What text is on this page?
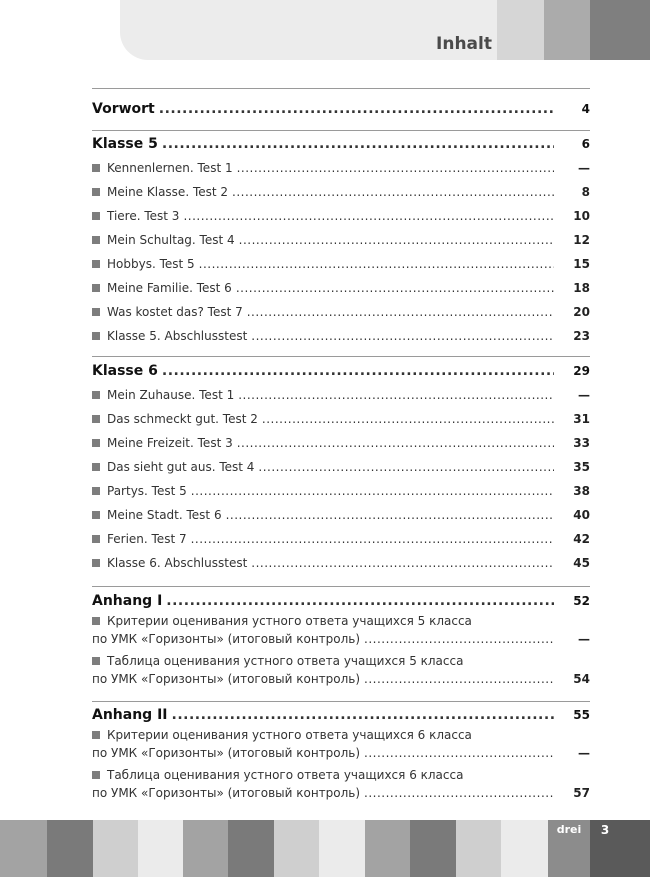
Inhalt
Vorwort .....	4
Klasse 5 .....	6
Kennenlernen. Test 1 .....	—
Meine Klasse. Test 2 .....	8
Tiere. Test 3 .....	10
Mein Schultag. Test 4 .....	12
Hobbys. Test 5 .....	15
Meine Familie. Test 6 .....	18
Was kostet das? Test 7 .....	20
Klasse 5. Abschlusstest .....	23
Klasse 6 .....	29
Mein Zuhause. Test 1 .....	—
Das schmeckt gut. Test 2 .....	31
Meine Freizeit. Test 3 .....	33
Das sieht gut aus. Test 4 .....	35
Partys. Test 5 .....	38
Meine Stadt. Test 6 .....	40
Ferien. Test 7 .....	42
Klasse 6. Abschlusstest .....	45
Anhang I .....	52
Критерии оценивания устного ответа учащихся 5 класса
по УМК «Горизонты» (итоговый контроль) .....	—
Таблица оценивания устного ответа учащихся 5 класса
по УМК «Горизонты» (итоговый контроль) .....	54
Anhang II .....	55
Критерии оценивания устного ответа учащихся 6 класса
по УМК «Горизонты» (итоговый контроль) .....	—
Таблица оценивания устного ответа учащихся 6 класса
по УМК «Горизонты» (итоговый контроль) .....	57
drei	3
